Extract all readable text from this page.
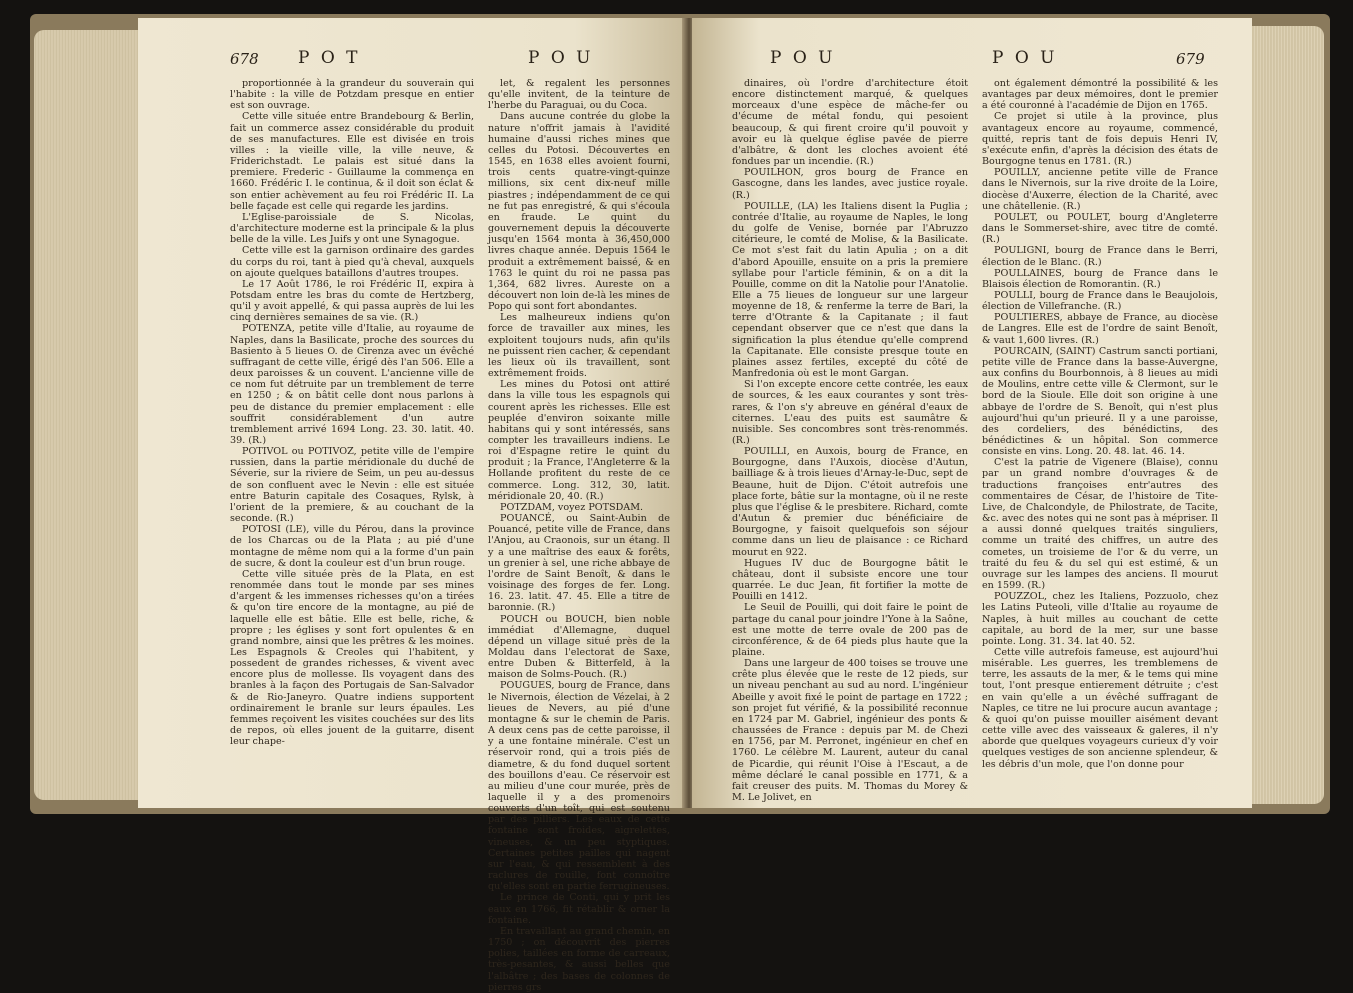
678 P O T	P O U

proportionnée à la grandeur du souverain qui l'habite : la ville de Potzdam presque en entier est son ouvrage.

Cette ville située entre Brandebourg & Berlin, fait un commerce assez considérable du produit de ses manufactures. Elle est divisée en trois villes : la vieille ville, la ville neuve, & Friderichstadt. Le palais est situé dans la premiere. Frederic - Guillaume la commença en 1660. Frédéric I. le continua, & il doit son éclat & son entier achèvement au feu roi Frédéric II. La belle façade est celle qui regarde les jardins.

L'Eglise-paroissiale de S. Nicolas, d'architecture moderne est la principale & la plus belle de la ville. Les Juifs y ont une Synagogue.

Cette ville est la garnison ordinaire des gardes du corps du roi, tant à pied qu'à cheval, auxquels on ajoute quelques bataillons d'autres troupes.

Le 17 Août 1786, le roi Frédéric II, expira à Potsdam entre les bras du comte de Hertzberg, qu'il y avoit appellé, & qui passa auprès de lui les cinq dernières semaines de sa vie. (R.)

POTENZA, petite ville d'Italie, au royaume de Naples, dans la Basilicate, proche des sources du Basiento à 5 lieues O. de Cirenza avec un évêché suffragant de cette ville, érigé dès l'an 506. Elle a deux paroisses & un couvent. L'ancienne ville de ce nom fut détruite par un tremblement de terre en 1250 ; & on bâtit celle dont nous parlons à peu de distance du premier emplacement : elle souffrit considérablement d'un autre tremblement arrivé 1694 Long. 23. 30. latit. 40. 39. (R.)

POTIVOL ou POTIVOZ, petite ville de l'empire russien, dans la partie méridionale du duché de Séverie, sur la riviere de Seim, un peu au-dessus de son confluent avec le Nevin : elle est située entre Baturin capitale des Cosaques, Rylsk, à l'orient de la premiere, & au couchant de la seconde. (R.)

POTOSI (LE), ville du Pérou, dans la province de los Charcas ou de la Plata ; au pié d'une montagne de même nom qui a la forme d'un pain de sucre, & dont la couleur est d'un brun rouge.

Cette ville située près de la Plata, en est renommée dans tout le monde par ses mines d'argent & les immenses richesses qu'on a tirées & qu'on tire encore de la montagne, au pié de laquelle elle est bâtie. Elle est belle, riche, & propre ; les églises y sont fort opulentes & en grand nombre, ainsi que les prêtres & les moines. Les Espagnols & Creoles qui l'habitent, y possedent de grandes richesses, & vivent avec encore plus de mollesse. Ils voyagent dans des branles à la façon des Portugais de San-Salvador & de Rio-Janeyro. Quatre indiens supportent ordinairement le branle sur leurs épaules. Les femmes reçoivent les visites couchées sur des lits de repos, où elles jouent de la guitarre, disent leur chape-

let, & regalent les personnes qu'elle invitent, de la teinture de l'herbe du Paraguai, ou du Coca.

Dans aucune contrée du globe la nature n'offrit jamais à l'avidité humaine d'aussi riches mines que celles du Potosi. Découvertes en 1545, en 1638 elles avoient fourni, trois cents quatre-vingt-quinze millions, six cent dix-neuf mille piastres ; indépendamment de ce qui ne fut pas enregistré, & qui s'écoula en fraude. Le quint du gouvernement depuis la découverte jusqu'en 1564 monta à 36,450,000 livres chaque année. Depuis 1564 le produit a extrêmement baissé, & en 1763 le quint du roi ne passa pas 1,364, 682 livres. Aureste on a découvert non loin de-là les mines de Popo qui sont fort abondantes.

Les malheureux indiens qu'on force de travailler aux mines, les exploitent toujours nuds, afin qu'ils ne puissent rien cacher, & cependant les lieux où ils travaillent, sont extrêmement froids.

Les mines du Potosi ont attiré dans la ville tous les espagnols qui courent après les richesses. Elle est peuplée d'environ soixante mille habitans qui y sont intéressés, sans compter les travailleurs indiens. Le roi d'Espagne retire le quint du produit ; la France, l'Angleterre & la Hollande profitent du reste de ce commerce. Long. 312, 30, latit. méridionale 20, 40. (R.)

POTZDAM, voyez POTSDAM.

POUANCÉ, ou Saint-Aubin de Pouancé, petite ville de France, dans l'Anjou, au Craonois, sur un étang. Il y a une maîtrise des eaux & forêts, un grenier à sel, une riche abbaye de l'ordre de Saint Benoît, & dans le voisinage des forges de fer. Long. 16. 23. latit. 47. 45. Elle a titre de baronnie. (R.)

POUCH ou BOUCH, bien noble immédiat d'Allemagne, duquel dépend un village situé près de la Moldau dans l'electorat de Saxe, entre Duben & Bitterfeld, à la maison de Solms-Pouch. (R.)

POUGUES, bourg de France, dans le Nivernois, élection de Vézelai, à 2 lieues de Nevers, au pié d'une montagne & sur le chemin de Paris. A deux cens pas de cette paroisse, il y a une fontaine minérale. C'est un réservoir rond, qui a trois piés de diametre, & du fond duquel sortent des bouillons d'eau. Ce réservoir est au milieu d'une cour murée, près de laquelle il y a des promenoirs couverts d'un toît, qui est soutenu par des pilliers. Les eaux de cette fontaine sont froides, aigrelettes, vineuses, & un peu styptiques. Certaines petites pailles qui nagent sur l'eau, & qui ressemblent à des raclures de rouille, font connoître qu'elles sont en partie ferrugineuses.

Le prince de Conti, qui y prit les eaux en 1766, fit rétablir & orner la fontaine.

En travaillant au grand chemin, en 1750 ; on découvrit des pierres polies, taillées en forme de carreaux, très-pesantes, & aussi belles que l'albâtre ; des bases de colonnes de pierres grs

P O U	P O U	679

dinaires, où l'ordre d'architecture étoit encore distinctement marqué, & quelques morceaux d'une espèce de mâche-fer ou d'écume de métal fondu, qui pesoient beaucoup, & qui firent croire qu'il pouvoit y avoir eu là quelque église pavée de pierre d'albâtre, & dont les cloches avoient été fondues par un incendie. (R.)

POUILHON, gros bourg de France en Gascogne, dans les landes, avec justice royale. (R.)

POUILLE, (LA) les Italiens disent la Puglia ; contrée d'Italie, au royaume de Naples, le long du golfe de Venise, bornée par l'Abruzzo citérieure, le comté de Molise, & la Basilicate. Ce mot s'est fait du latin Apulia ; on a dit d'abord Apouille, ensuite on a pris la premiere syllabe pour l'article féminin, & on a dit la Pouille, comme on dit la Natolie pour l'Anatolie. Elle a 75 lieues de longueur sur une largeur moyenne de 18, & renferme la terre de Bari, la terre d'Otrante & la Capitanate ; il faut cependant observer que ce n'est que dans la signification la plus étendue qu'elle comprend la Capitanate. Elle consiste presque toute en plaines assez fertiles, excepté du côté de Manfredonia où est le mont Gargan.

Si l'on excepte encore cette contrée, les eaux de sources, & les eaux courantes y sont très-rares, & l'on s'y abreuve en général d'eaux de citernes. L'eau des puits est saumâtre & nuisible. Ses concombres sont très-renommés. (R.)

POUILLI, en Auxois, bourg de France, en Bourgogne, dans l'Auxois, diocèse d'Autun, bailliage & à trois lieues d'Arnay-le-Duc, sept de Beaune, huit de Dijon. C'étoit autrefois une place forte, bâtie sur la montagne, où il ne reste plus que l'église & le presbitere. Richard, comte d'Autun & premier duc bénéficiaire de Bourgogne, y faisoit quelquefois son séjour comme dans un lieu de plaisance : ce Richard mourut en 922.

Hugues IV duc de Bourgogne bâtit le château, dont il subsiste encore une tour quarrée. Le duc Jean, fit fortifier la motte de Pouilli en 1412.

Le Seuil de Pouilli, qui doit faire le point de partage du canal pour joindre l'Yone à la Saône, est une motte de terre ovale de 200 pas de circonférence, & de 64 pieds plus haute que la plaine.

Dans une largeur de 400 toises se trouve une crête plus élevée que le reste de 12 pieds, sur un niveau penchant au sud au nord. L'ingénieur Abeille y avoit fixé le point de partage en 1722 ; son projet fut vérifié, & la possibilité reconnue en 1724 par M. Gabriel, ingénieur des ponts & chaussées de France : depuis par M. de Chezi en 1756, par M. Perronet, ingénieur en chef en 1760. Le célèbre M. Laurent, auteur du canal de Picardie, qui réunit l'Oise à l'Escaut, a de même déclaré le canal possible en 1771, & a fait creuser des puits. M. Thomas du Morey & M. Le Jolivet, en

ont également démontré la possibilité & les avantages par deux mémoires, dont le premier a été couronné à l'académie de Dijon en 1765.

Ce projet si utile à la province, plus avantageux encore au royaume, commencé, quitté, repris tant de fois depuis Henri IV, s'exécute enfin, d'après la décision des états de Bourgogne tenus en 1781. (R.)

POUILLY, ancienne petite ville de France dans le Nivernois, sur la rive droite de la Loire, diocèse d'Auxerre, élection de la Charité, avec une châtellenie. (R.)

POULET, ou POULET, bourg d'Angleterre dans le Sommerset-shire, avec titre de comté. (R.)

POULIGNI, bourg de France dans le Berri, élection de le Blanc. (R.)

POULLAINES, bourg de France dans le Blaisois élection de Romorantin. (R.)

POULLI, bourg de France dans le Beaujolois, élection de Villefranche. (R.)

POULTIERES, abbaye de France, au diocèse de Langres. Elle est de l'ordre de saint Benoît, & vaut 1,600 livres. (R.)

POURCAIN, (SAINT) Castrum sancti portiani, petite ville de France dans la basse-Auvergne, aux confins du Bourbonnois, à 8 lieues au midi de Moulins, entre cette ville & Clermont, sur le bord de la Sioule. Elle doit son origine à une abbaye de l'ordre de S. Benoît, qui n'est plus aujourd'hui qu'un prieuré. Il y a une paroisse, des cordeliers, des bénédictins, des bénédictines & un hôpital. Son commerce consiste en vins. Long. 20. 48. lat. 46. 14.

C'est la patrie de Vigenere (Blaise), connu par un grand nombre d'ouvrages & de traductions françoises entr'autres des commentaires de César, de l'histoire de Tite-Live, de Chalcondyle, de Philostrate, de Tacite, &c. avec des notes qui ne sont pas à mépriser. Il a aussi donné quelques traités singuliers, comme un traité des chiffres, un autre des cometes, un troisieme de l'or & du verre, un traité du feu & du sel qui est estimé, & un ouvrage sur les lampes des anciens. Il mourut en 1599. (R.)

POUZZOL, chez les Italiens, Pozzuolo, chez les Latins Puteoli, ville d'Italie au royaume de Naples, à huit milles au couchant de cette capitale, au bord de la mer, sur une basse pointe. Long. 31. 34. lat 40. 52.

Cette ville autrefois fameuse, est aujourd'hui misérable. Les guerres, les tremblemens de terre, les assauts de la mer, & le tems qui mine tout, l'ont presque entierement détruite ; c'est en vain qu'elle a un évêché suffragant de Naples, ce titre ne lui procure aucun avantage ; & quoi qu'on puisse mouiller aisément devant cette ville avec des vaisseaux & galeres, il n'y aborde que quelques voyageurs curieux d'y voir quelques vestiges de son ancienne splendeur, & les débris d'un mole, que l'on donne pour
